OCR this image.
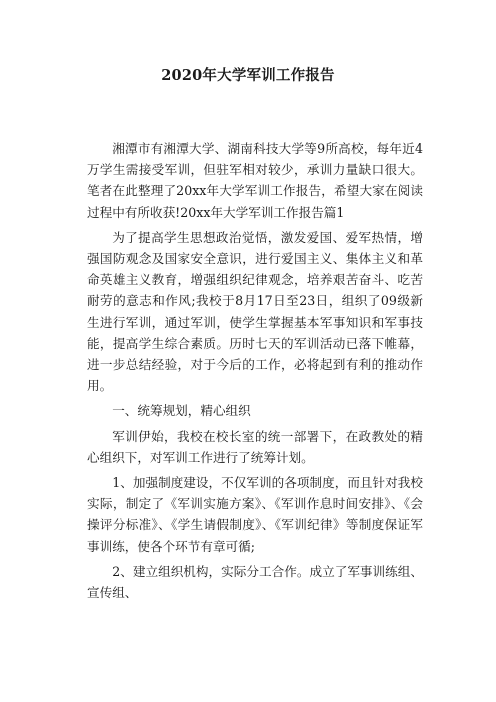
2020年大学军训工作报告

湘潭市有湘潭大学、湖南科技大学等9所高校，每年近4万学生需接受军训，但驻军相对较少，承训力量缺口很大。笔者在此整理了20xx年大学军训工作报告，希望大家在阅读过程中有所收获!20xx年大学军训工作报告篇1

为了提高学生思想政治觉悟，激发爱国、爱军热情，增强国防观念及国家安全意识，进行爱国主义、集体主义和革命英雄主义教育，增强组织纪律观念，培养艰苦奋斗、吃苦耐劳的意志和作风;我校于8月17日至23日，组织了09级新生进行军训，通过军训，使学生掌握基本军事知识和军事技能，提高学生综合素质。历时七天的军训活动已落下帷幕，进一步总结经验，对于今后的工作，必将起到有利的推动作用。

一、统筹规划，精心组织

军训伊始，我校在校长室的统一部署下，在政教处的精心组织下，对军训工作进行了统筹计划。

1、加强制度建设，不仅军训的各项制度，而且针对我校实际，制定了《军训实施方案》、《军训作息时间安排》、《会操评分标准》、《学生请假制度》、《军训纪律》等制度保证军事训练，使各个环节有章可循;

2、建立组织机构，实际分工合作。成立了军事训练组、宣传组、
